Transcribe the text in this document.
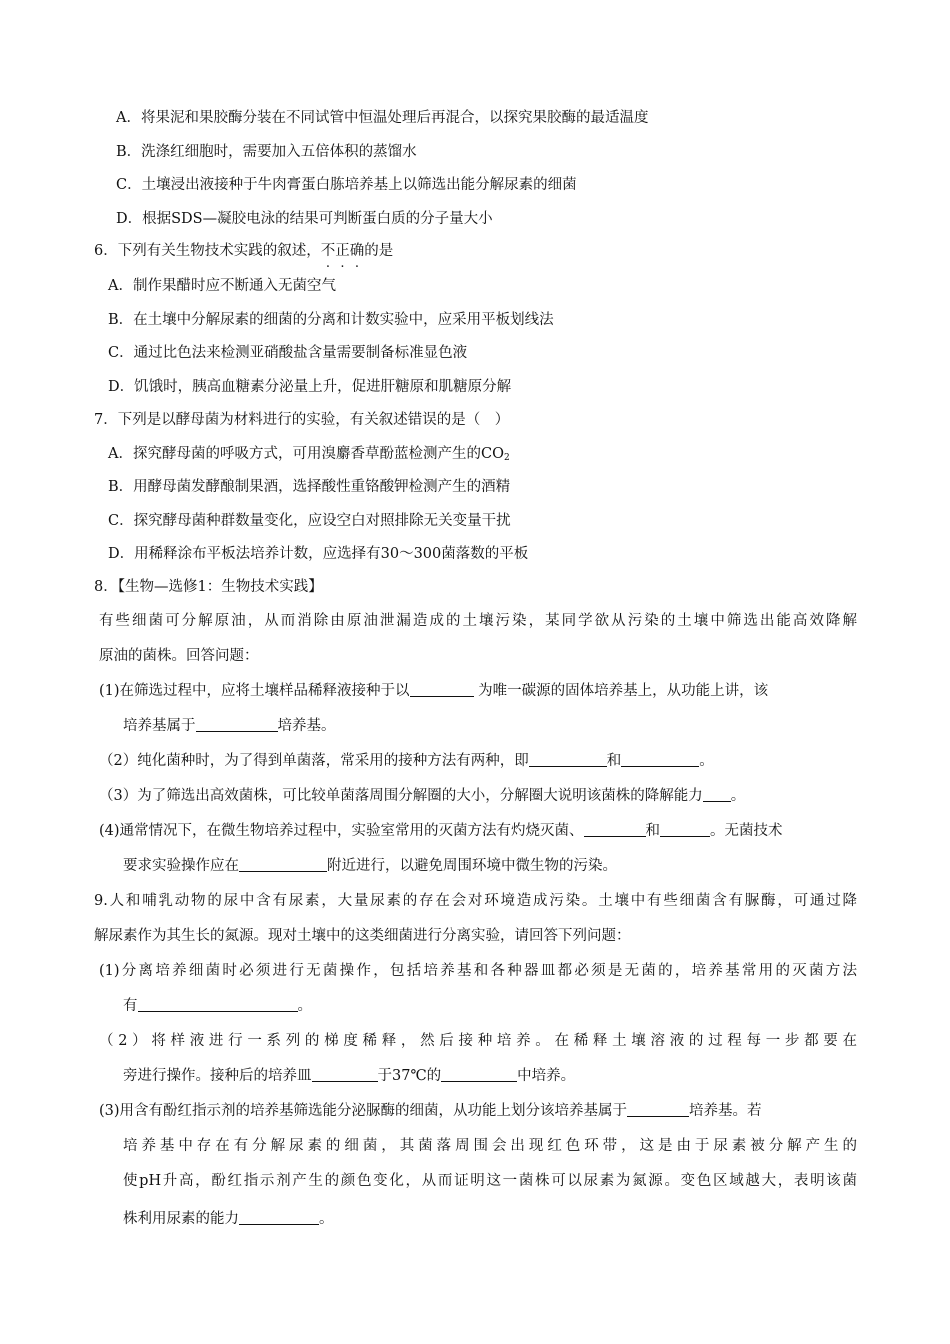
A．将果泥和果胶酶分装在不同试管中恒温处理后再混合，以探究果胶酶的最适温度
B．洗涤红细胞时，需要加入五倍体积的蒸馏水
C．土壤浸出液接种于牛肉膏蛋白胨培养基上以筛选出能分解尿素的细菌
D．根据SDS—凝胶电泳的结果可判断蛋白质的分子量大小
6．下列有关生物技术实践的叙述，不正确的是
A．制作果醋时应不断通入无菌空气
B．在土壤中分解尿素的细菌的分离和计数实验中，应采用平板划线法
C．通过比色法来检测亚硝酸盐含量需要制备标准显色液
D．饥饿时，胰高血糖素分泌量上升，促进肝糖原和肌糖原分解
7．下列是以酵母菌为材料进行的实验，有关叙述错误的是（　）
A．探究酵母菌的呼吸方式，可用溴麝香草酚蓝检测产生的$CO_2$
B．用酵母菌发酵酿制果酒，选择酸性重铬酸钾检测产生的酒精
C．探究酵母菌种群数量变化，应设空白对照排除无关变量干扰
D．用稀释涂布平板法培养计数，应选择有30～300菌落数的平板
8．【生物—选修1：生物技术实践】
有些细菌可分解原油，从而消除由原油泄漏造成的土壤污染，某同学欲从污染的土壤中筛选出能高效降解
原油的菌株。回答问题：
(1)在筛选过程中，应将土壤样品稀释液接种于以	为唯一碳源的固体培养基上，从功能上讲，该
培养基属于	培养基。
（2）纯化菌种时，为了得到单菌落，常采用的接种方法有两种，即	和	。
（3）为了筛选出高效菌株，可比较单菌落周围分解圈的大小，分解圈大说明该菌株的降解能力 。
(4)通常情况下，在微生物培养过程中，实验室常用的灭菌方法有灼烧灭菌、	和	。无菌技术
要求实验操作应在	附近进行，以避免周围环境中微生物的污染。
9.人和哺乳动物的尿中含有尿素，大量尿素的存在会对环境造成污染。土壤中有些细菌含有脲酶，可通过降
解尿素作为其生长的氮源。现对土壤中的这类细菌进行分离实验，请回答下列问题：
(1)分离培养细菌时必须进行无菌操作，包括培养基和各种器皿都必须是无菌的，培养基常用的灭菌方法
有	。
（2）将样液进行一系列的梯度稀释，然后接种培养。在稀释土壤溶液的过程每一步都要在
旁进行操作。接种后的培养皿	于37℃的	中培养。
(3)用含有酚红指示剂的培养基筛选能分泌脲酶的细菌，从功能上划分该培养基属于	培养基。若
培养基中存在有分解尿素的细菌，其菌落周围会出现红色环带，这是由于尿素被分解产生的
使pH升高，酚红指示剂产生的颜色变化，从而证明这一菌株可以尿素为氮源。变色区域越大，表明该菌
株利用尿素的能力	。
